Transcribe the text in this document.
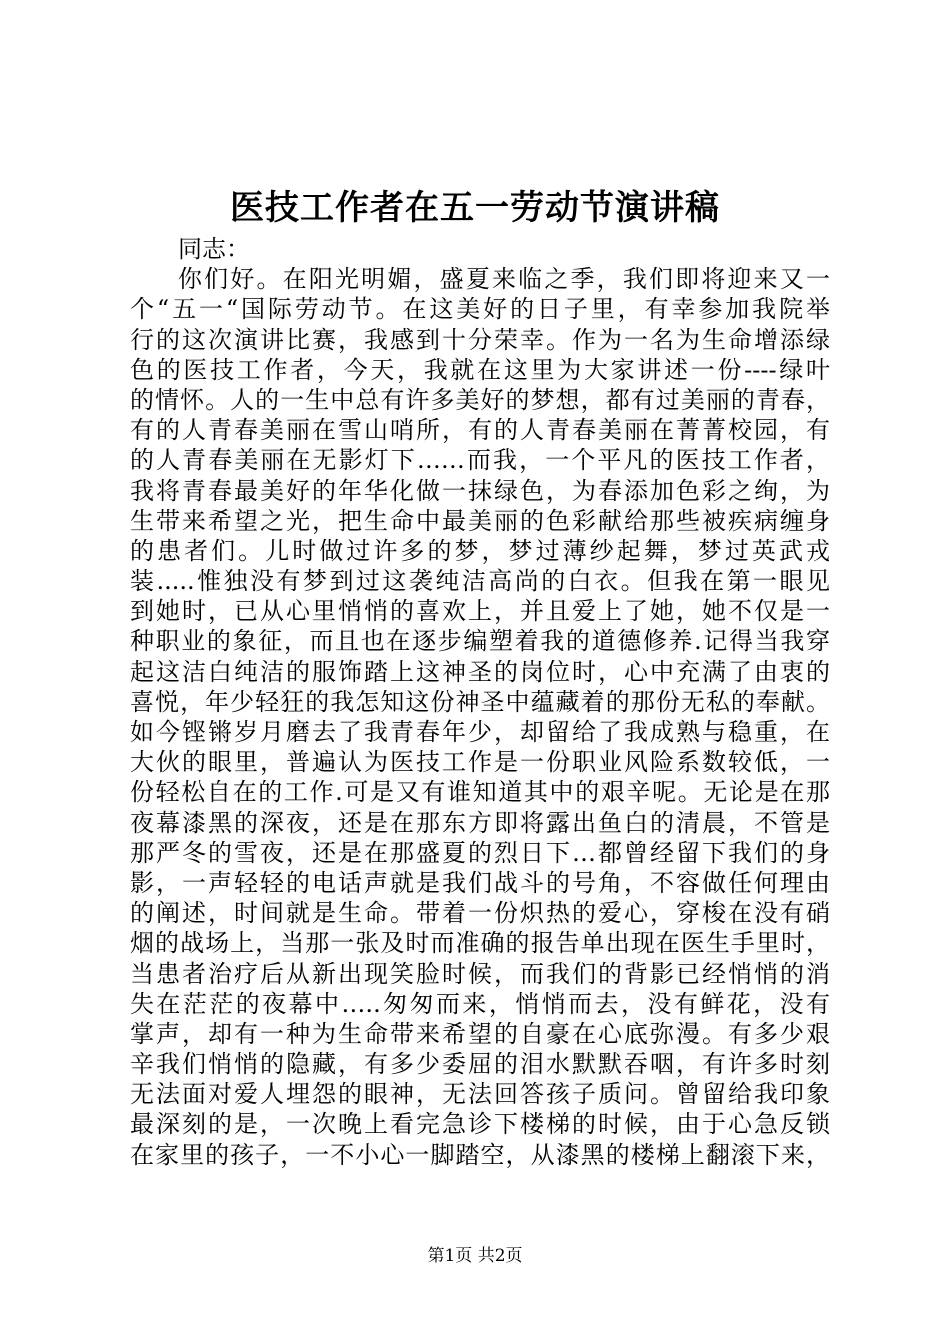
医技工作者在五一劳动节演讲稿
同志：
你们好。在阳光明媚，盛夏来临之季，我们即将迎来又一
个“五一“国际劳动节。在这美好的日子里，有幸参加我院举
行的这次演讲比赛，我感到十分荣幸。作为一名为生命增添绿
色的医技工作者，今天，我就在这里为大家讲述一份----绿叶
的情怀。人的一生中总有许多美好的梦想，都有过美丽的青春，
有的人青春美丽在雪山哨所，有的人青春美丽在菁菁校园，有
的人青春美丽在无影灯下……而我，一个平凡的医技工作者，
我将青春最美好的年华化做一抹绿色，为春添加色彩之绚，为
生带来希望之光，把生命中最美丽的色彩献给那些被疾病缠身
的患者们。儿时做过许多的梦，梦过薄纱起舞，梦过英武戎
装.....惟独没有梦到过这袭纯洁高尚的白衣。但我在第一眼见
到她时，已从心里悄悄的喜欢上，并且爱上了她，她不仅是一
种职业的象征，而且也在逐步编塑着我的道德修养.记得当我穿
起这洁白纯洁的服饰踏上这神圣的岗位时，心中充满了由衷的
喜悦，年少轻狂的我怎知这份神圣中蕴藏着的那份无私的奉献。
如今铿锵岁月磨去了我青春年少，却留给了我成熟与稳重，在
大伙的眼里，普遍认为医技工作是一份职业风险系数较低，一
份轻松自在的工作.可是又有谁知道其中的艰辛呢。无论是在那
夜幕漆黑的深夜，还是在那东方即将露出鱼白的清晨，不管是
那严冬的雪夜，还是在那盛夏的烈日下…都曾经留下我们的身
影，一声轻轻的电话声就是我们战斗的号角，不容做任何理由
的阐述，时间就是生命。带着一份炽热的爱心，穿梭在没有硝
烟的战场上，当那一张及时而准确的报告单出现在医生手里时，
当患者治疗后从新出现笑脸时候，而我们的背影已经悄悄的消
失在茫茫的夜幕中…..匆匆而来，悄悄而去，没有鲜花，没有
掌声，却有一种为生命带来希望的自豪在心底弥漫。有多少艰
辛我们悄悄的隐藏，有多少委屈的泪水默默吞咽，有许多时刻
无法面对爱人埋怨的眼神，无法回答孩子质问。曾留给我印象
最深刻的是，一次晚上看完急诊下楼梯的时候，由于心急反锁
在家里的孩子，一不小心一脚踏空，从漆黑的楼梯上翻滚下来，
第1页 共2页
